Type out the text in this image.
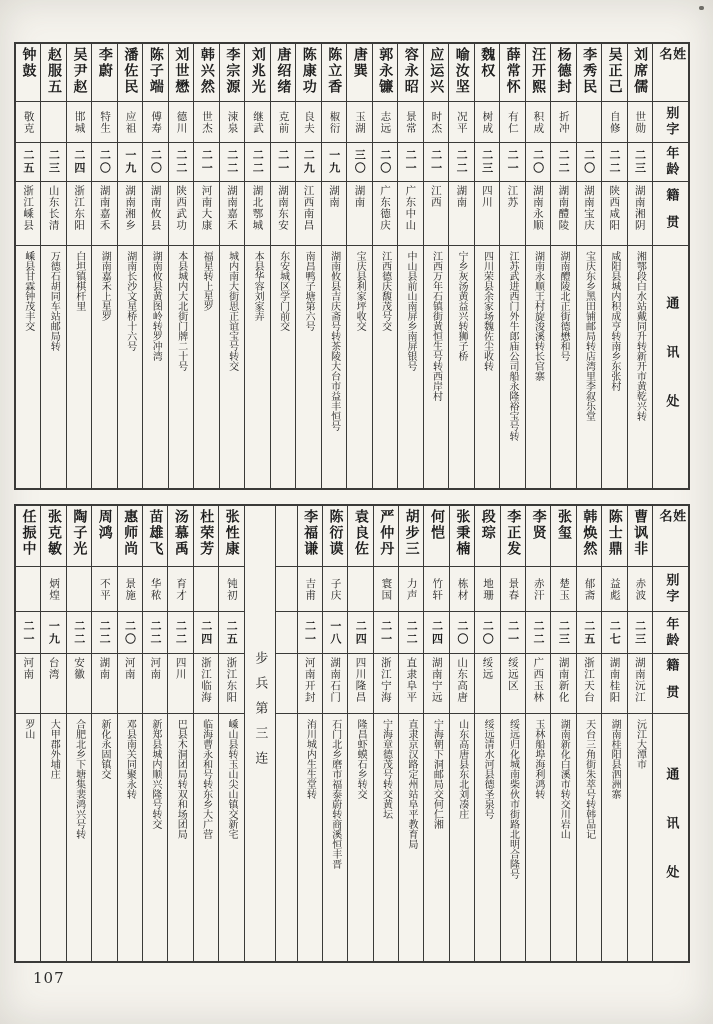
姓名
别字
年龄
籍贯
通讯处
刘席儒
世勋
二三
湖南湘阴
湘鄂段白水站戴同升转新开市黄乾兴转
吴正己
自修
二二
陕西咸阳
咸阳县城内积成亨转南乡东张村
李秀民
二〇
湖南宝庆
宝庆东乡黑田铺邮局转店湾里李叙乐堂
杨德封
折冲
二二
湖南醴陵
湖南醴陵北正街德懋和号
汪开熙
积成
二〇
湖南永顺
湖南永顺王村旋浚溪转长官寨
薛常怀
有仁
二一
江苏
江苏武进西门外牛郎庙公司船永隆裕宝号转
魏权
树成
二三
四川
四川荣县余家场魏佐尘收转
喻汝坚
况平
二二
湖南
宁乡灰汤黄益兴转狮子桥
应运兴
时杰
二一
江西
江西万年石镇街黄恒生号转西岸村
容永昭
景常
二一
广东中山
中山县前山南屏乡南屏银号
郭永镰
志远
二〇
广东德庆
江西德庆馥茂号交
唐巽
玉湖
三〇
湖南
宝庆县利家坪收交
陈立香
椒衍
一九
湖南
湖南攸县吉庆斋号转茶陵大台市益丰恒号
陈康功
良夫
二九
江西南昌
南昌鸭子塘第六号
唐绍绪
克前
二一
湖南东安
东安城区学门前交
刘兆光
继武
二二
湖北鄂城
本县华容刘家弄
李宗源
涑泉
二二
湖南嘉禾
城内南大街思正谊宝号转交
韩兴然
世杰
二一
河南大康
福星转上星罗
刘世懋
德川
二二
陕西武功
本县城内大北街门牌二十号
陈子端
傅寿
二〇
湖南攸县
湖南攸县黄图岭转罗冲湾
潘佐民
应祖
一九
湖南湘乡
湖南长沙文星桥十六号
李蔚
特生
二〇
湖南嘉禾
湖南嘉禾上星罗
吴尹赵
邯城
二四
浙江东阳
白坦镇棋杆里
赵服五
二三
山东长清
万德石胡同车站邮局转
钟鼓
敬克
二五
浙江嵊县
嵊县甘霖钟茂丰交
姓名
别字
年龄
籍贯
通讯处
曹讽非
赤波
二三
湖南沅江
沅江大潭市
陈士鼎
益彪
二七
湖南桂阳
湖南桂阳县泗洲寨
韩焕然
郁斋
二五
浙江天台
天台三角街朱萃号转韩品记
张玺
楚玉
二三
湖南新化
湖南新化白溪市转交川岩山
李贤
赤汗
二二
广西玉林
玉林船埠海利鸿转
李正发
景春
二一
绥远区
绥远归化城南柴伙市街路北明合隆号
段琮
地珊
二〇
绥远
绥远清水河县德圣泉号
张秉楠
栋材
二〇
山东高唐
山东高唐县东北刘凑庄
何恺
竹轩
二四
湖南宁远
宁海朝下洞邮局交何仁湘
胡步三
力声
二二
直隶阜平
直隶京汉路定州站阜平教育局
严仲丹
寰国
二一
浙江宁海
宁海章德茂号转交黄坛
袁良佐
二四
四川隆昌
隆昌虾蟆石乡转交
陈衍谟
子庆
一八
湖南石门
石门北乡磨市福泰蔚转商溪恒丰晋
李福谦
吉甫
二一
河南开封
洧川城内生生堂转
步兵第三连
张性康
钝初
二五
浙江东阳
嵊山县转玉山尖山镇交新宅
杜荣芳
二四
浙江临海
临海曹永和号转东乡大广营
汤慕禹
育才
二二
四川
巴县木洞团局转双和场团局
苗雄飞
华秾
二二
河南
新郑县城内顺兴隆号转交
惠师尚
景施
二〇
河南
邓县南关同聚永转
周鸿
不平
二二
湖南
新化永固镇交
陶子光
二二
安徽
合肥北乡下塘集裴鸿兴号转
张克敏
炳煌
一九
台湾
大甲郡外埔庄
任振中
二一
河南
罗山
107
